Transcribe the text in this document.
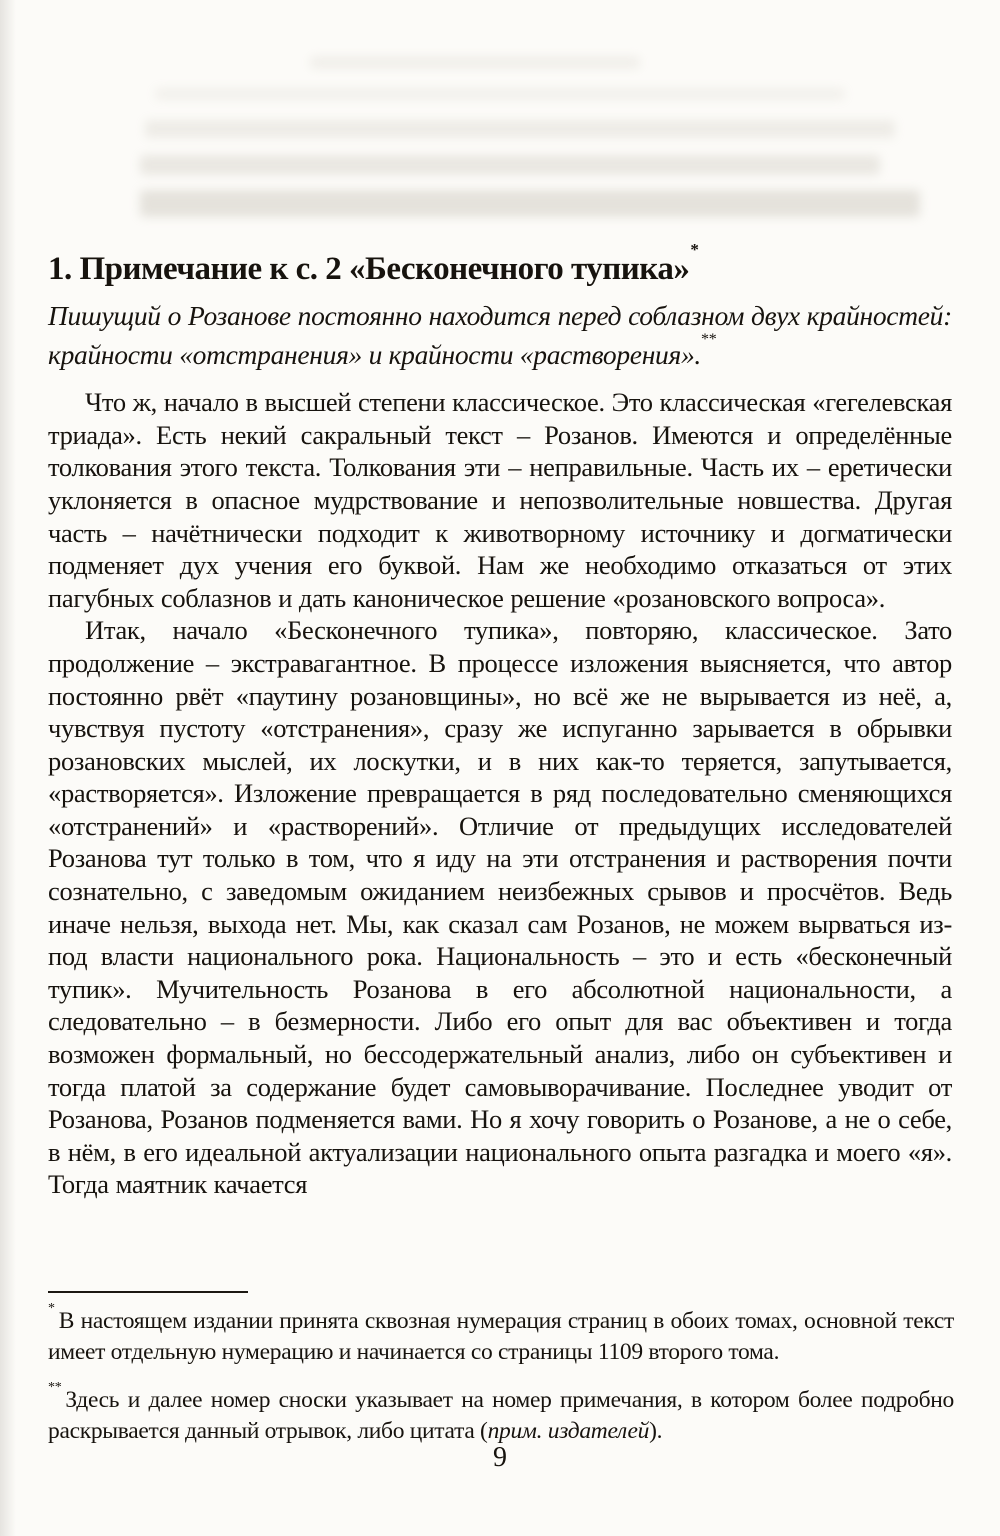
1. Примечание к с. 2 «Бесконечного тупика»*

Пишущий о Розанове постоянно находится перед соблазном двух крайностей: крайности «отстранения» и крайности «растворения».**

Что ж, начало в высшей степени классическое. Это классическая «гегелевская триада». Есть некий сакральный текст – Розанов. Имеются и определённые толкования этого текста. Толкования эти – неправильные. Часть их – еретически уклоняется в опасное мудрствование и непозволительные новшества. Другая часть – начётнически подходит к животворному источнику и догматически подменяет дух учения его буквой. Нам же необходимо отказаться от этих пагубных соблазнов и дать каноническое решение «розановского вопроса».

Итак, начало «Бесконечного тупика», повторяю, классическое. Зато продолжение – экстравагантное. В процессе изложения выясняется, что автор постоянно рвёт «паутину розановщины», но всё же не вырывается из неё, а, чувствуя пустоту «отстранения», сразу же испуганно зарывается в обрывки розановских мыслей, их лоскутки, и в них как-то теряется, запутывается, «растворяется». Изложение превращается в ряд последовательно сменяющихся «отстранений» и «растворений». Отличие от предыдущих исследователей Розанова тут только в том, что я иду на эти отстранения и растворения почти сознательно, с заведомым ожиданием неизбежных срывов и просчётов. Ведь иначе нельзя, выхода нет. Мы, как сказал сам Розанов, не можем вырваться из-под власти национального рока. Национальность – это и есть «бесконечный тупик». Мучительность Розанова в его абсолютной национальности, а следовательно – в безмерности. Либо его опыт для вас объективен и тогда возможен формальный, но бессодержательный анализ, либо он субъективен и тогда платой за содержание будет самовыворачивание. Последнее уводит от Розанова, Розанов подменяется вами. Но я хочу говорить о Розанове, а не о себе, в нём, в его идеальной актуализации национального опыта разгадка и моего «я». Тогда маятник качается

* В настоящем издании принята сквозная нумерация страниц в обоих томах, основной текст имеет отдельную нумерацию и начинается со страницы 1109 второго тома.

** Здесь и далее номер сноски указывает на номер примечания, в котором более подробно раскрывается данный отрывок, либо цитата (прим. издателей).

9
